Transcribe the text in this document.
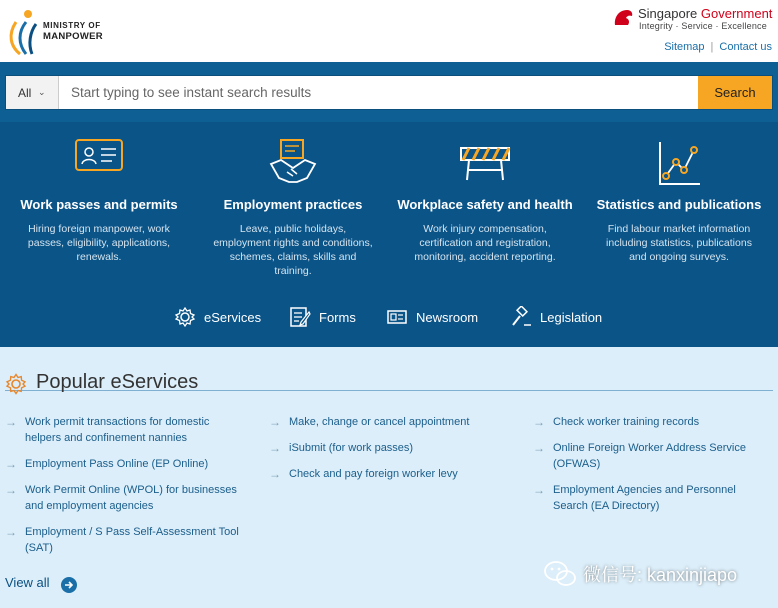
MINISTRY OF
MANPOWER
Singapore Government
Integrity · Service · Excellence
Sitemap | Contact us
All ⌄
Start typing to see instant search results	Search
Work passes and permits
Hiring foreign manpower, work passes, eligibility, applications, renewals.
Employment practices
Leave, public holidays, employment rights and conditions, schemes, claims, skills and training.
Workplace safety and health
Work injury compensation, certification and registration, monitoring, accident reporting.
Statistics and publications
Find labour market information including statistics, publications and ongoing surveys.
eServices	Forms	Newsroom	Legislation
Popular eServices
→ Work permit transactions for domestic helpers and confinement nannies
→ Employment Pass Online (EP Online)
→ Work Permit Online (WPOL) for businesses and employment agencies
→ Employment / S Pass Self-Assessment Tool (SAT)
→ Make, change or cancel appointment
→ iSubmit (for work passes)
→ Check and pay foreign worker levy
→ Check worker training records
→ Online Foreign Worker Address Service (OFWAS)
→ Employment Agencies and Personnel Search (EA Directory)
View all	微信号: kanxinjiapo
